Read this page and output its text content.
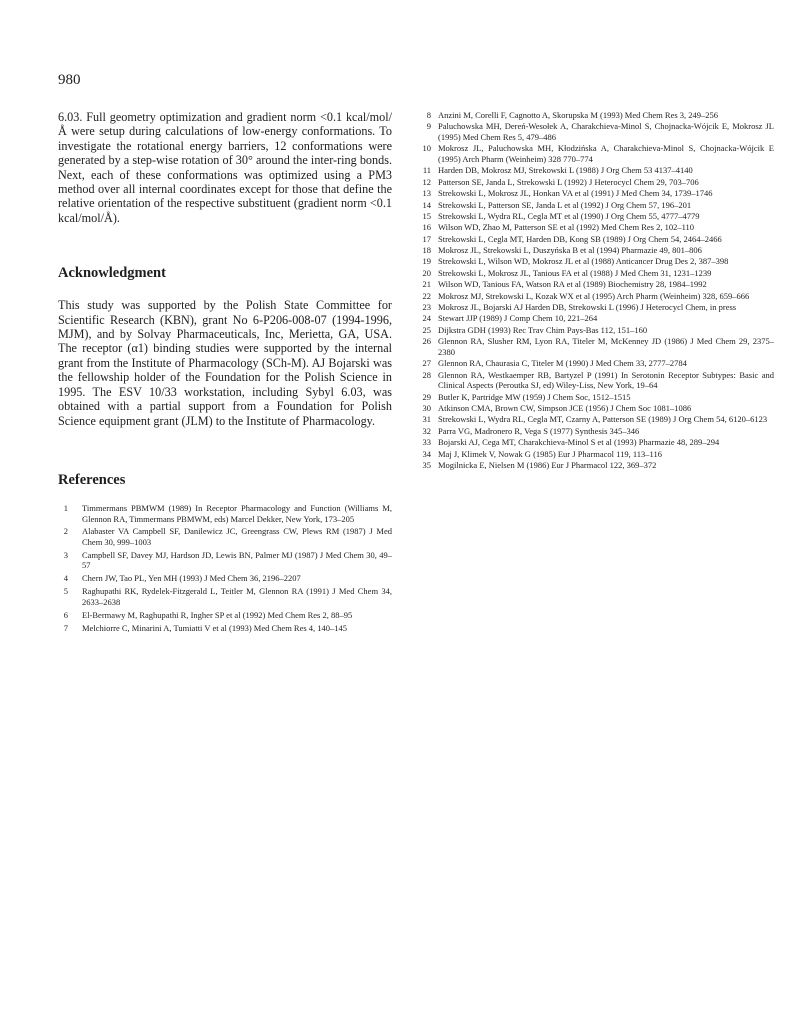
980

6.03. Full geometry optimization and gradient norm <0.1 kcal/mol/Å were setup during calculations of low-energy conformations. To investigate the rotational energy barriers, 12 conformations were generated by a step-wise rotation of 30° around the inter-ring bonds. Next, each of these conformations was optimized using a PM3 method over all internal coordinates except for those that define the relative orientation of the respective substituent (gradient norm <0.1 kcal/mol/Å).

Acknowledgment

This study was supported by the Polish State Committee for Scientific Research (KBN), grant No 6-P206-008-07 (1994-1996, MJM), and by Solvay Pharmaceuticals, Inc, Merietta, GA, USA. The receptor (α1) binding studies were supported by the internal grant from the Institute of Pharmacology (SCh-M). AJ Bojarski was the fellowship holder of the Foundation for the Polish Science in 1995. The ESV 10/33 workstation, including Sybyl 6.03, was obtained with a partial support from a Foundation for Polish Science equipment grant (JLM) to the Institute of Pharmacology.

References
1 Timmermans PBMWM (1989) In Receptor Pharmacology and Function (Williams M, Glennon RA, Timmermans PBMWM, eds) Marcel Dekker, New York, 173–205
2 Alabaster VA Campbell SF, Danilewicz JC, Greengrass CW, Plews RM (1987) J Med Chem 30, 999–1003
3 Campbell SF, Davey MJ, Hardson JD, Lewis BN, Palmer MJ (1987) J Med Chem 30, 49–57
4 Chern JW, Tao PL, Yen MH (1993) J Med Chem 36, 2196–2207
5 Raghupathi RK, Rydelek-Fitzgerald L, Teitler M, Glennon RA (1991) J Med Chem 34, 2633–2638
6 El-Bermawy M, Raghupathi R, Ingher SP et al (1992) Med Chem Res 2, 88–95
7 Melchiorre C, Minarini A, Tumiatti V et al (1993) Med Chem Res 4, 140–145
8 Anzini M, Corelli F, Cagnotto A, Skorupska M (1993) Med Chem Res 3, 249–256
9 Paluchowska MH, Dereń-Wesołek A, Charakchieva-Minol S, Chojnacka-Wójcik E, Mokrosz JL (1995) Med Chem Res 5, 479–486
10 Mokrosz JL, Paluchowska MH, Kłodzińska A, Charakchieva-Minol S, Chojnacka-Wójcik E (1995) Arch Pharm (Weinheim) 328 770–774
11 Harden DB, Mokrosz MJ, Strekowski L (1988) J Org Chem 53 4137–4140
12 Patterson SE, Janda L, Strekowski L (1992) J Heterocycl Chem 29, 703–706
13 Strekowski L, Mokrosz JL, Honkan VA et al (1991) J Med Chem 34, 1739–1746
14 Strekowski L, Patterson SE, Janda L et al (1992) J Org Chem 57, 196–201
15 Strekowski L, Wydra RL, Cegla MT et al (1990) J Org Chem 55, 4777–4779
16 Wilson WD, Zhao M, Patterson SE et al (1992) Med Chem Res 2, 102–110
17 Strekowski L, Cegla MT, Harden DB, Kong SB (1989) J Org Chem 54, 2464–2466
18 Mokrosz JL, Strekowski L, Duszyńska B et al (1994) Pharmazie 49, 801–806
19 Strekowski L, Wilson WD, Mokrosz JL et al (1988) Anticancer Drug Des 2, 387–398
20 Strekowski L, Mokrosz JL, Tanious FA et al (1988) J Med Chem 31, 1231–1239
21 Wilson WD, Tanious FA, Watson RA et al (1989) Biochemistry 28, 1984–1992
22 Mokrosz MJ, Strekowski L, Kozak WX et al (1995) Arch Pharm (Weinheim) 328, 659–666
23 Mokrosz JL, Bojarski AJ Harden DB, Strekowski L (1996) J Heterocycl Chem, in press
24 Stewart JJP (1989) J Comp Chem 10, 221–264
25 Dijkstra GDH (1993) Rec Trav Chim Pays-Bas 112, 151–160
26 Glennon RA, Slusher RM, Lyon RA, Titeler M, McKenney JD (1986) J Med Chem 29, 2375–2380
27 Glennon RA, Chaurasia C, Titeler M (1990) J Med Chem 33, 2777–2784
28 Glennon RA, Westkaemper RB, Bartyzel P (1991) In Serotonin Receptor Subtypes: Basic and Clinical Aspects (Peroutka SJ, ed) Wiley-Liss, New York, 19–64
29 Butler K, Partridge MW (1959) J Chem Soc, 1512–1515
30 Atkinson CMA, Brown CW, Simpson JCE (1956) J Chem Soc 1081–1086
31 Strekowski L, Wydra RL, Cegla MT, Czarny A, Patterson SE (1989) J Org Chem 54, 6120–6123
32 Parra VG, Madronero R, Vega S (1977) Synthesis 345–346
33 Bojarski AJ, Cega MT, Charakchieva-Minol S et al (1993) Pharmazie 48, 289–294
34 Maj J, Klimek V, Nowak G (1985) Eur J Pharmacol 119, 113–116
35 Mogilnicka E, Nielsen M (1986) Eur J Pharmacol 122, 369–372
